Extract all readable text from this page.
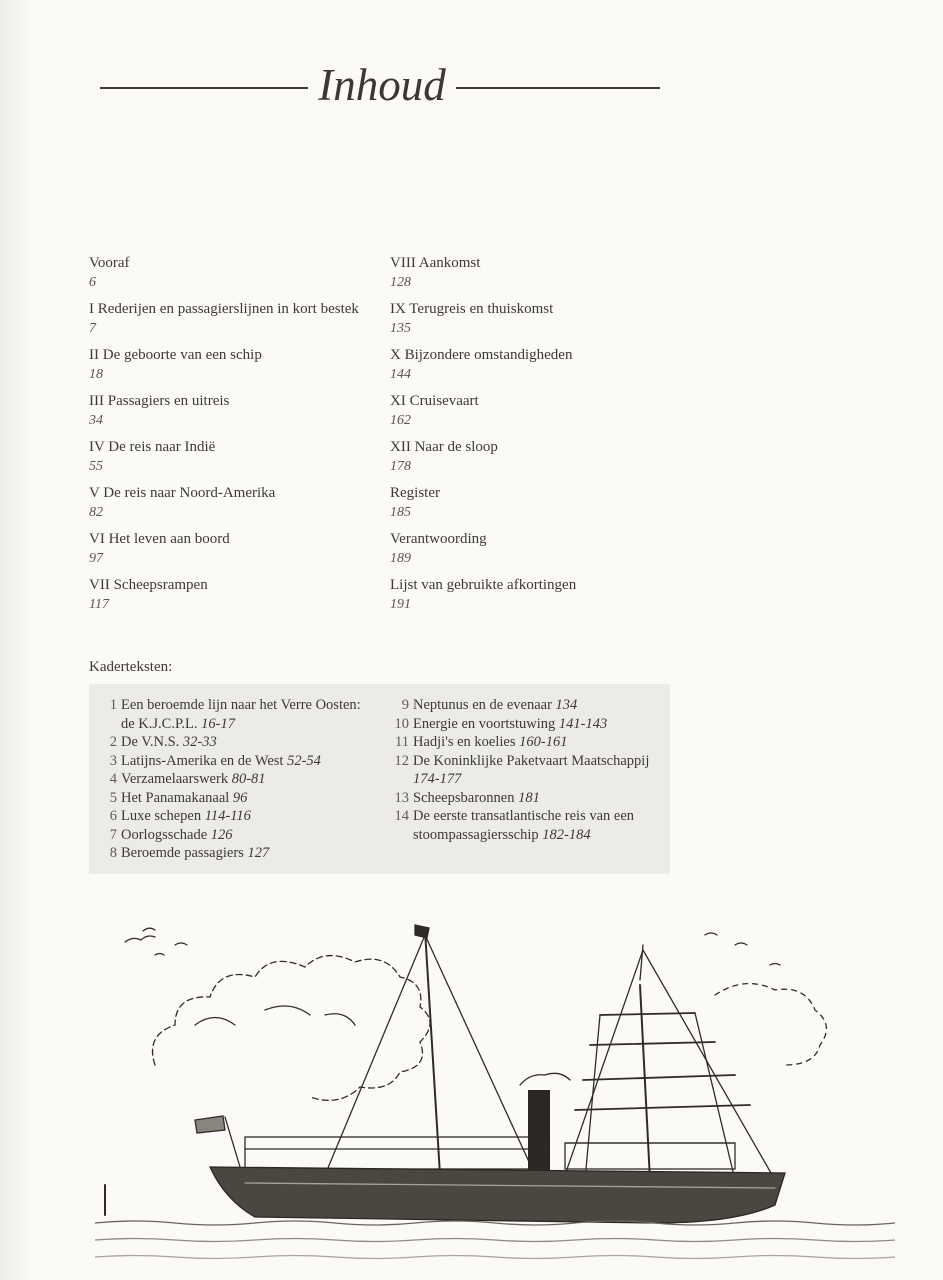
Inhoud
Vooraf
6
I Rederijen en passagierslijnen in kort bestek
7
II De geboorte van een schip
18
III Passagiers en uitreis
34
IV De reis naar Indië
55
V De reis naar Noord-Amerika
82
VI Het leven aan boord
97
VII Scheepsrampen
117
VIII Aankomst
128
IX Terugreis en thuiskomst
135
X Bijzondere omstandigheden
144
XI Cruisevaart
162
XII Naar de sloop
178
Register
185
Verantwoording
189
Lijst van gebruikte afkortingen
191
Kaderteksten:
1 Een beroemde lijn naar het Verre Oosten: de K.J.C.P.L. 16-17
2 De V.N.S. 32-33
3 Latijns-Amerika en de West 52-54
4 Verzamelaarswerk 80-81
5 Het Panamakanaal 96
6 Luxe schepen 114-116
7 Oorlogsschade 126
8 Beroemde passagiers 127
9 Neptunus en de evenaar 134
10 Energie en voortstuwing 141-143
11 Hadji's en koelies 160-161
12 De Koninklijke Paketvaart Maatschappij 174-177
13 Scheepsbaronnen 181
14 De eerste transatlantische reis van een stoompassagiersschip 182-184
